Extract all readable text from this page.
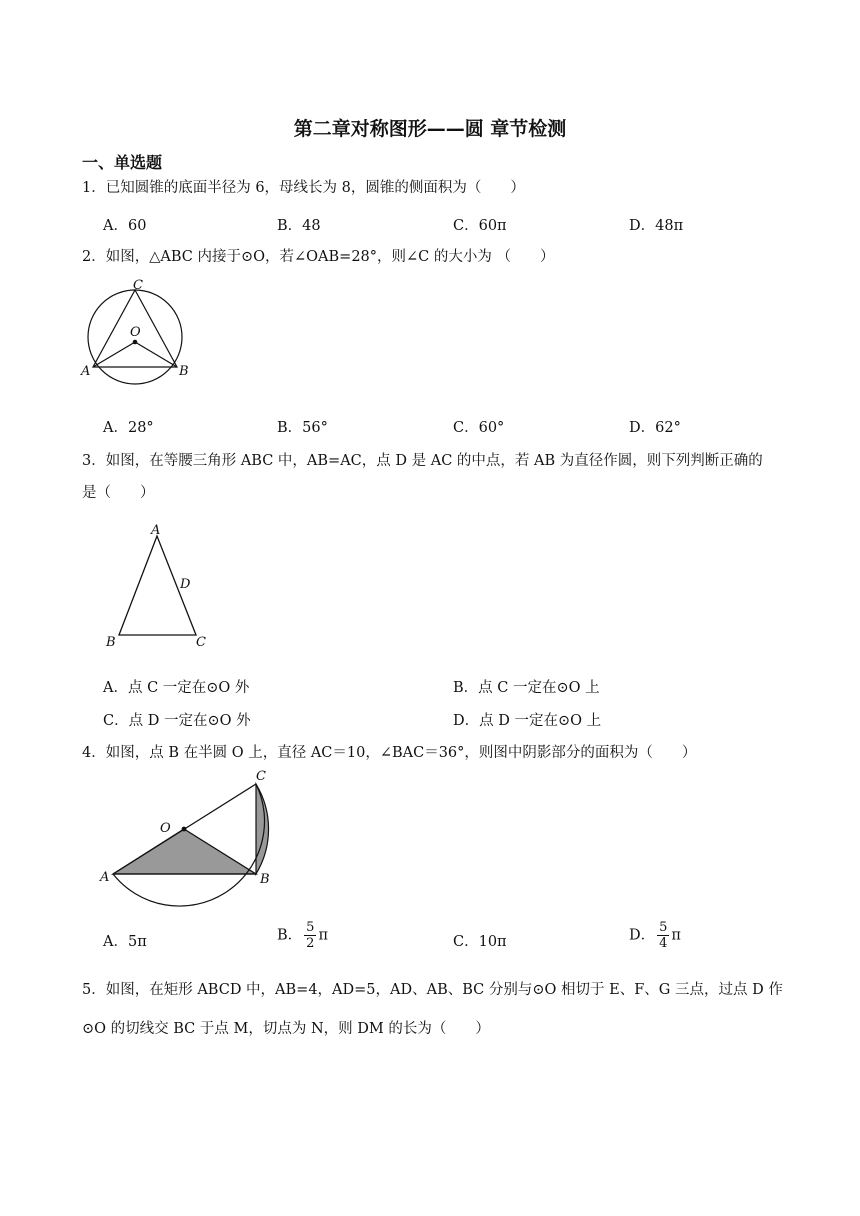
第二章对称图形——圆 章节检测
一、单选题
1．已知圆锥的底面半径为 6，母线长为 8，圆锥的侧面积为（　　）
A．60	B．48	C．60π	D．48π
2．如图，△ABC 内接于⊙O，若∠OAB=28°，则∠C 的大小为 （　　）
C
O
A	B
A．28°	B．56°	C．60°	D．62°
3．如图，在等腰三角形 ABC 中，AB=AC，点 D 是 AC 的中点，若 AB 为直径作圆，则下列判断正确的
是（　　）
A
D
B	C
A．点 C 一定在⊙O 外	B．点 C 一定在⊙O 上
C．点 D 一定在⊙O 外	D．点 D 一定在⊙O 上
4．如图，点 B 在半圆 O 上，直径 AC＝10，∠BAC＝36°，则图中阴影部分的面积为（　　）
C
O
A	B
A．5π	B． $\frac{5}{2}$ π	C．10π	D． $\frac{5}{4}$ π
5．如图，在矩形 ABCD 中，AB=4，AD=5，AD、AB、BC 分别与⊙O 相切于 E、F、G 三点，过点 D 作
⊙O 的切线交 BC 于点 M，切点为 N，则 DM 的长为（　　）
